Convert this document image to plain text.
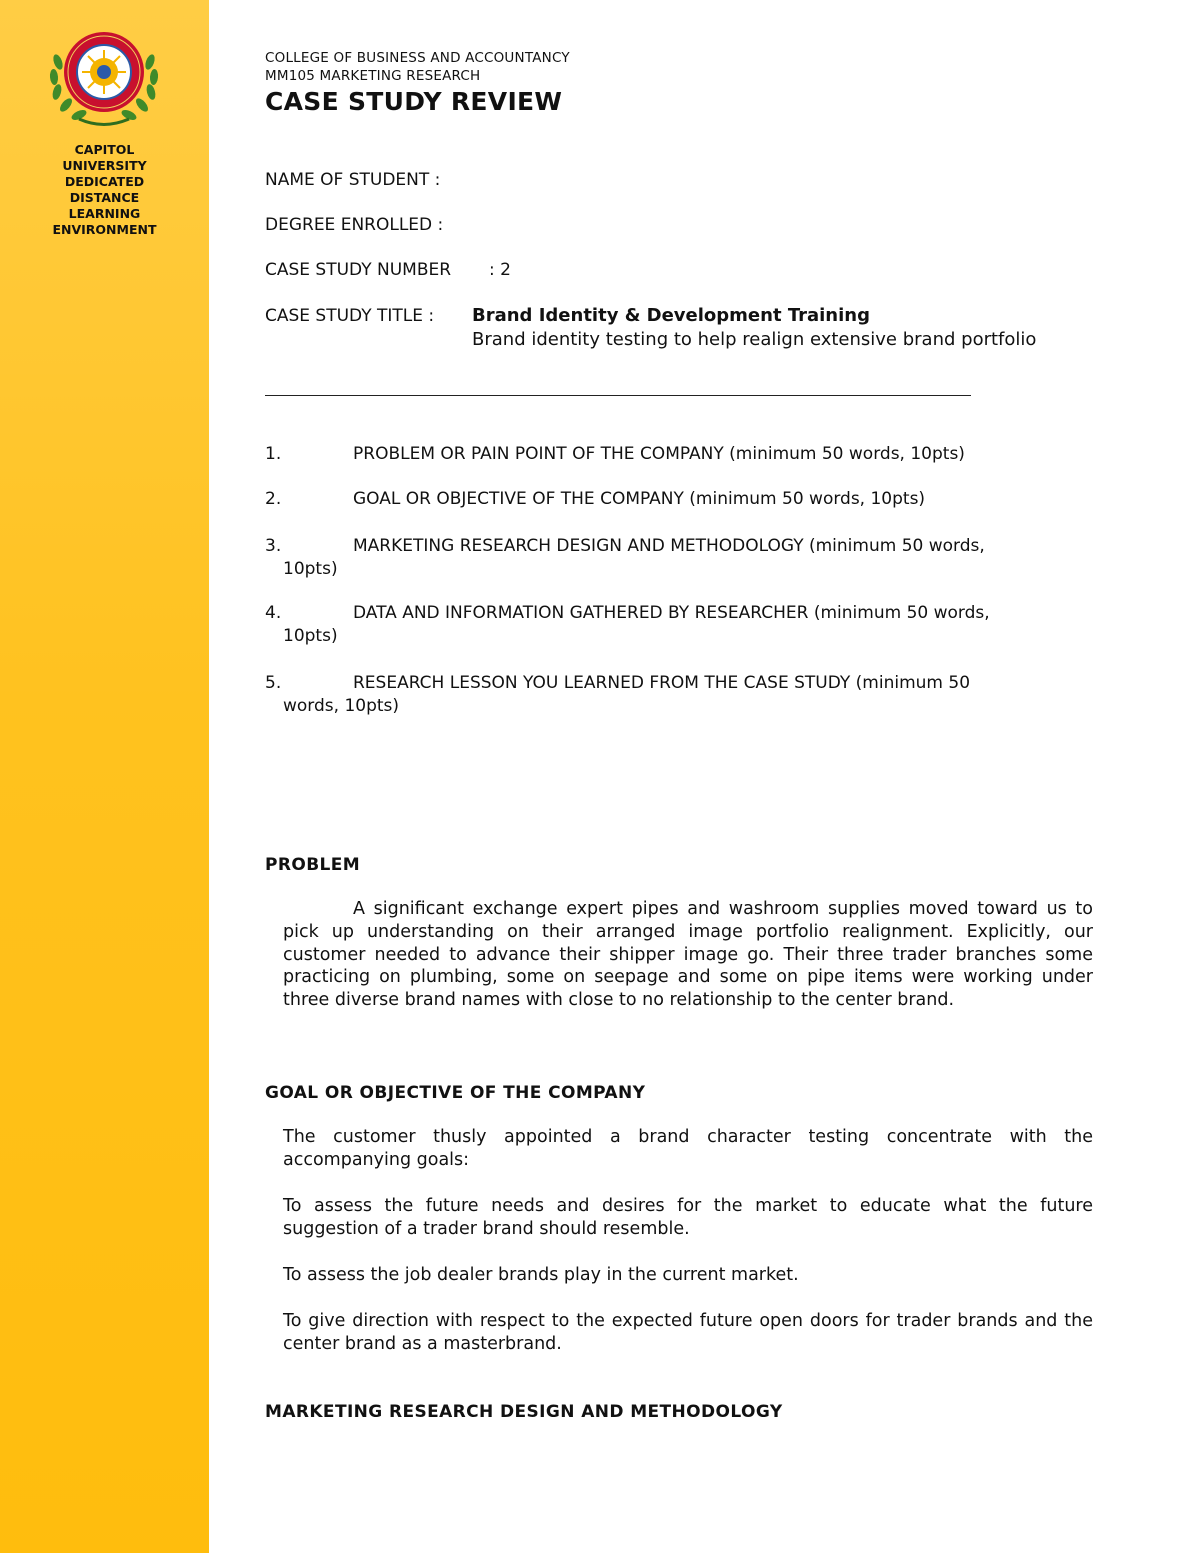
CAPITOL
UNIVERSITY
DEDICATED
DISTANCE
LEARNING
ENVIRONMENT
COLLEGE OF BUSINESS AND ACCOUNTANCY
MM105 MARKETING RESEARCH
CASE STUDY REVIEW
NAME OF STUDENT :
DEGREE ENROLLED :
CASE STUDY NUMBER : 2
CASE STUDY TITLE : Brand Identity & Development Training
Brand identity testing to help realign extensive brand portfolio
1.	PROBLEM OR PAIN POINT OF THE COMPANY (minimum 50 words, 10pts)
2.	GOAL OR OBJECTIVE OF THE COMPANY (minimum 50 words, 10pts)
3.	MARKETING RESEARCH DESIGN AND METHODOLOGY (minimum 50 words,
10pts)
4.	DATA AND INFORMATION GATHERED BY RESEARCHER (minimum 50 words,
10pts)
5.	RESEARCH LESSON YOU LEARNED FROM THE CASE STUDY (minimum 50
words, 10pts)
PROBLEM

A significant exchange expert pipes and washroom supplies moved toward us to pick up understanding on their arranged image portfolio realignment. Explicitly, our customer needed to advance their shipper image go. Their three trader branches some practicing on plumbing, some on seepage and some on pipe items were working under three diverse brand names with close to no relationship to the center brand.

GOAL OR OBJECTIVE OF THE COMPANY

The customer thusly appointed a brand character testing concentrate with the accompanying goals:

To assess the future needs and desires for the market to educate what the future suggestion of a trader brand should resemble.

To assess the job dealer brands play in the current market.

To give direction with respect to the expected future open doors for trader brands and the center brand as a masterbrand.

MARKETING RESEARCH DESIGN AND METHODOLOGY
